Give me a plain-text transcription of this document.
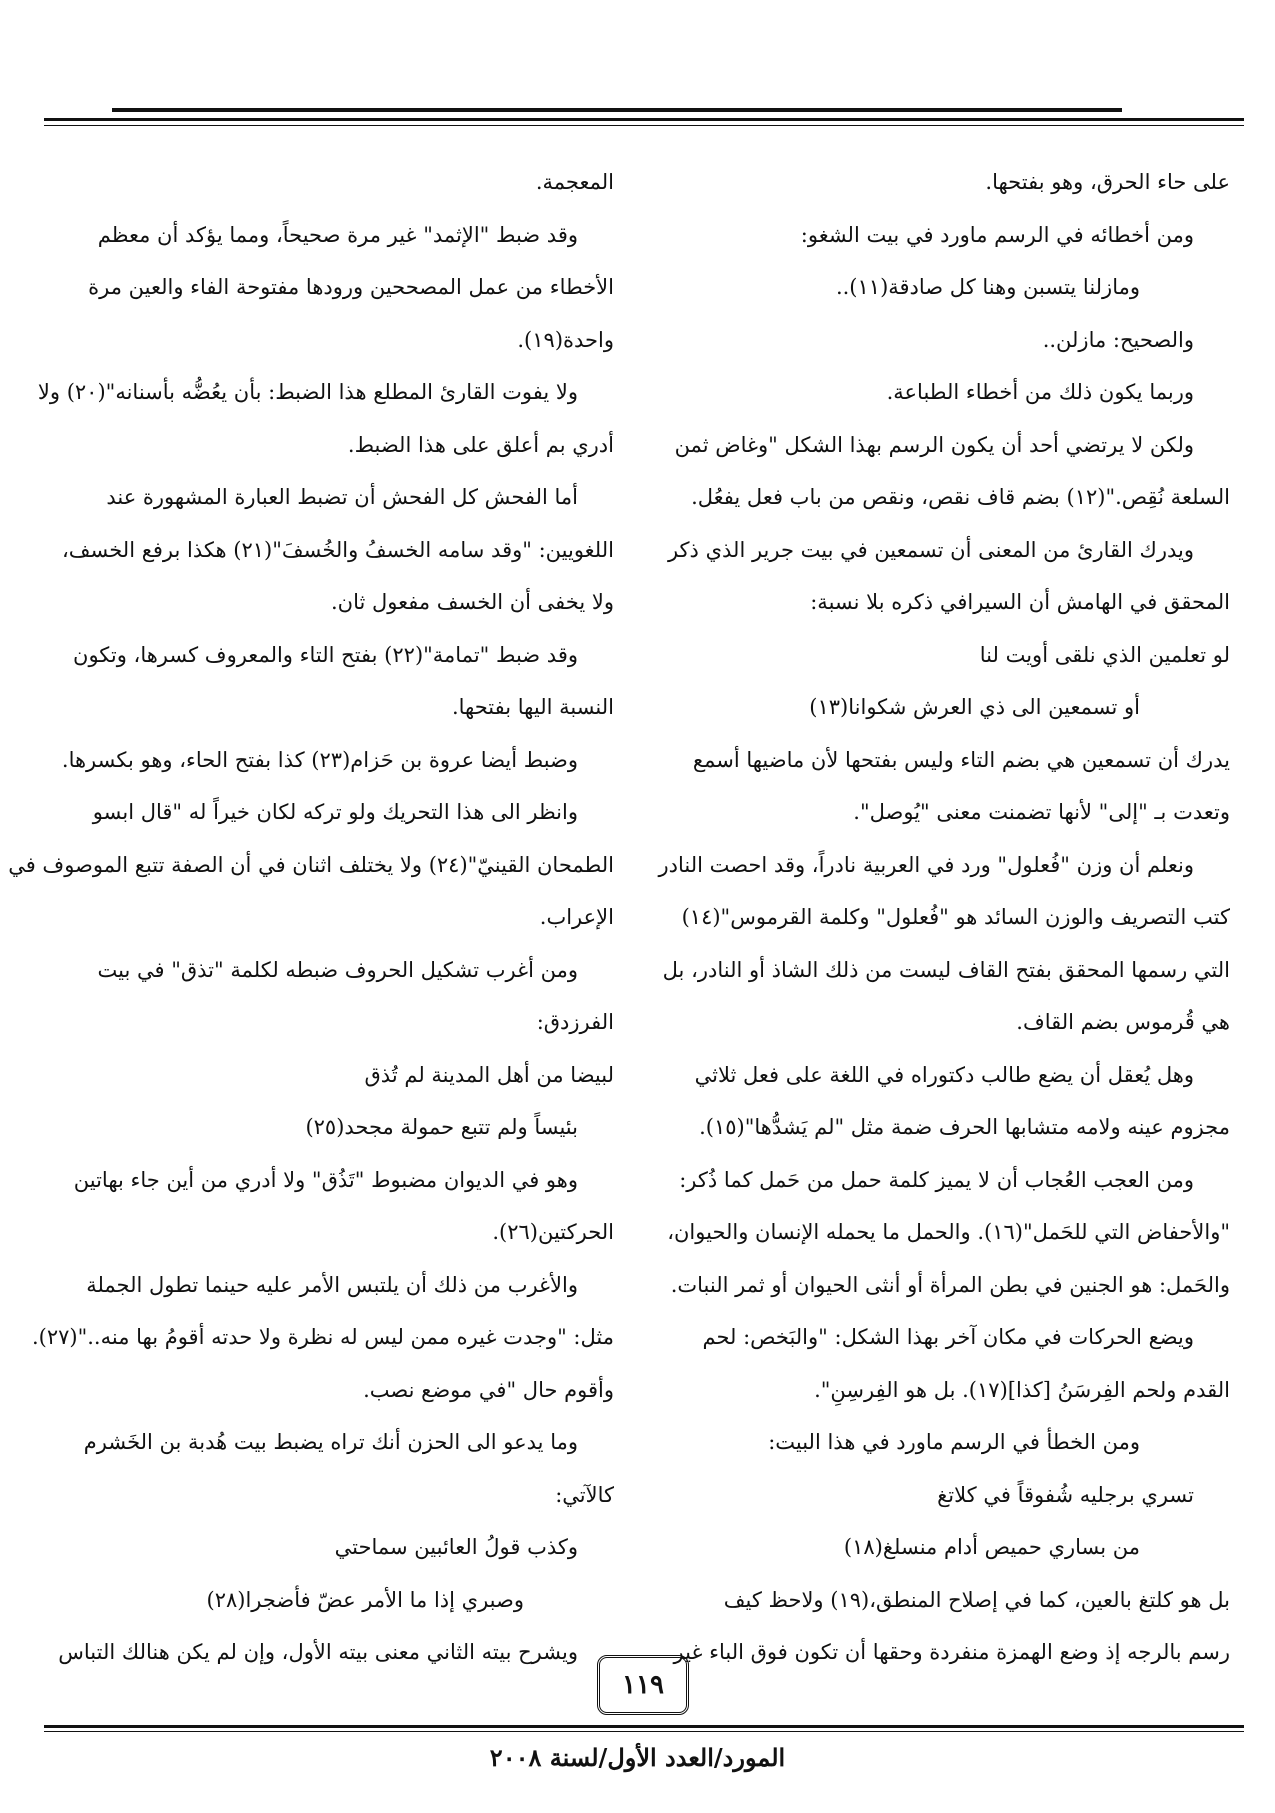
على حاء الحرق، وهو بفتحها.
ومن أخطائه في الرسم ماورد في بيت الشغو:
ومازلنا يتسبن وهنا كل صادقة(١١)..
والصحيح: مازلن..
وربما يكون ذلك من أخطاء الطباعة.
ولكن لا يرتضي أحد أن يكون الرسم بهذا الشكل "وغاض ثمن
السلعة نُقِص."(١٢) بضم قاف نقص، ونقص من باب فعل يفعُل.
ويدرك القارئ من المعنى أن تسمعين في بيت جرير الذي ذكر
المحقق في الهامش أن السيرافي ذكره بلا نسبة:
لو تعلمين الذي نلقى أويت لنا
أو تسمعين الى ذي العرش شكوانا(١٣)
يدرك أن تسمعين هي بضم التاء وليس بفتحها لأن ماضيها أسمع
وتعدت بـ "إلى" لأنها تضمنت معنى "يُوصل".
ونعلم أن وزن "فُعلول" ورد في العربية نادراً، وقد احصت النادر
كتب التصريف والوزن السائد هو "فُعلول" وكلمة القرموس"(١٤)
التي رسمها المحقق بفتح القاف ليست من ذلك الشاذ أو النادر، بل
هي قُرموس بضم القاف.
وهل يُعقل أن يضع طالب دكتوراه في اللغة على فعل ثلاثي
مجزوم عينه ولامه متشابها الحرف ضمة مثل "لم يَشدُّها"(١٥).
ومن العجب العُجاب أن لا يميز كلمة حمل من حَمل كما ذُكر:
"والأحفاض التي للحَمل"(١٦). والحمل ما يحمله الإنسان والحيوان،
والحَمل: هو الجنين في بطن المرأة أو أنثى الحيوان أو ثمر النبات.
ويضع الحركات في مكان آخر بهذا الشكل: "والبَخص: لحم
القدم ولحم الفِرسَنُ [كذا](١٧). بل هو الفِرسِنِ".
ومن الخطأ في الرسم ماورد في هذا البيت:
تسري برجليه شُفوقاً في كلاتغ
من بساري حميص أدام منسلغ(١٨)
بل هو كلتغ بالعين، كما في إصلاح المنطق،(١٩) ولاحظ كيف
رسم بالرجه إذ وضع الهمزة منفردة وحقها أن تكون فوق الباء غير
المعجمة.
وقد ضبط "الإثمد" غير مرة صحيحاً، ومما يؤكد أن معظم
الأخطاء من عمل المصححين ورودها مفتوحة الفاء والعين مرة
واحدة(١٩).
ولا يفوت القارئ المطلع هذا الضبط: بأن يعُضُّه بأسنانه"(٢٠) ولا
أدري بم أعلق على هذا الضبط.
أما الفحش كل الفحش أن تضبط العبارة المشهورة عند
اللغويين: "وقد سامه الخسفُ والخُسفَ"(٢١) هكذا برفع الخسف،
ولا يخفى أن الخسف مفعول ثان.
وقد ضبط "تمامة"(٢٢) بفتح التاء والمعروف كسرها، وتكون
النسبة اليها بفتحها.
وضبط أيضا عروة بن حَزام(٢٣) كذا بفتح الحاء، وهو بكسرها.
وانظر الى هذا التحريك ولو تركه لكان خيراً له "قال ابسو
الطمحان القينيّ"(٢٤) ولا يختلف اثنان في أن الصفة تتبع الموصوف في
الإعراب.
ومن أغرب تشكيل الحروف ضبطه لكلمة "تذق" في بيت
الفرزدق:
لبيضا من أهل المدينة لم تُذق
بئيساً ولم تتبع حمولة مجحد(٢٥)
وهو في الديوان مضبوط "تَذُق" ولا أدري من أين جاء بهاتين
الحركتين(٢٦).
والأغرب من ذلك أن يلتبس الأمر عليه حينما تطول الجملة
مثل: "وجدت غيره ممن ليس له نظرة ولا حدته أقومُ بها منه.."(٢٧).
وأقوم حال "في موضع نصب.
وما يدعو الى الحزن أنك تراه يضبط بيت هُدبة بن الخَشرم
كالآتي:
وكذب قولُ العائبين سماحتي
وصبري إذا ما الأمر عضّ فأضجرا(٢٨)
ويشرح بيته الثاني معنى بيته الأول، وإن لم يكن هنالك التباس
١١٩
المورد/العدد الأول/لسنة ٢٠٠٨
